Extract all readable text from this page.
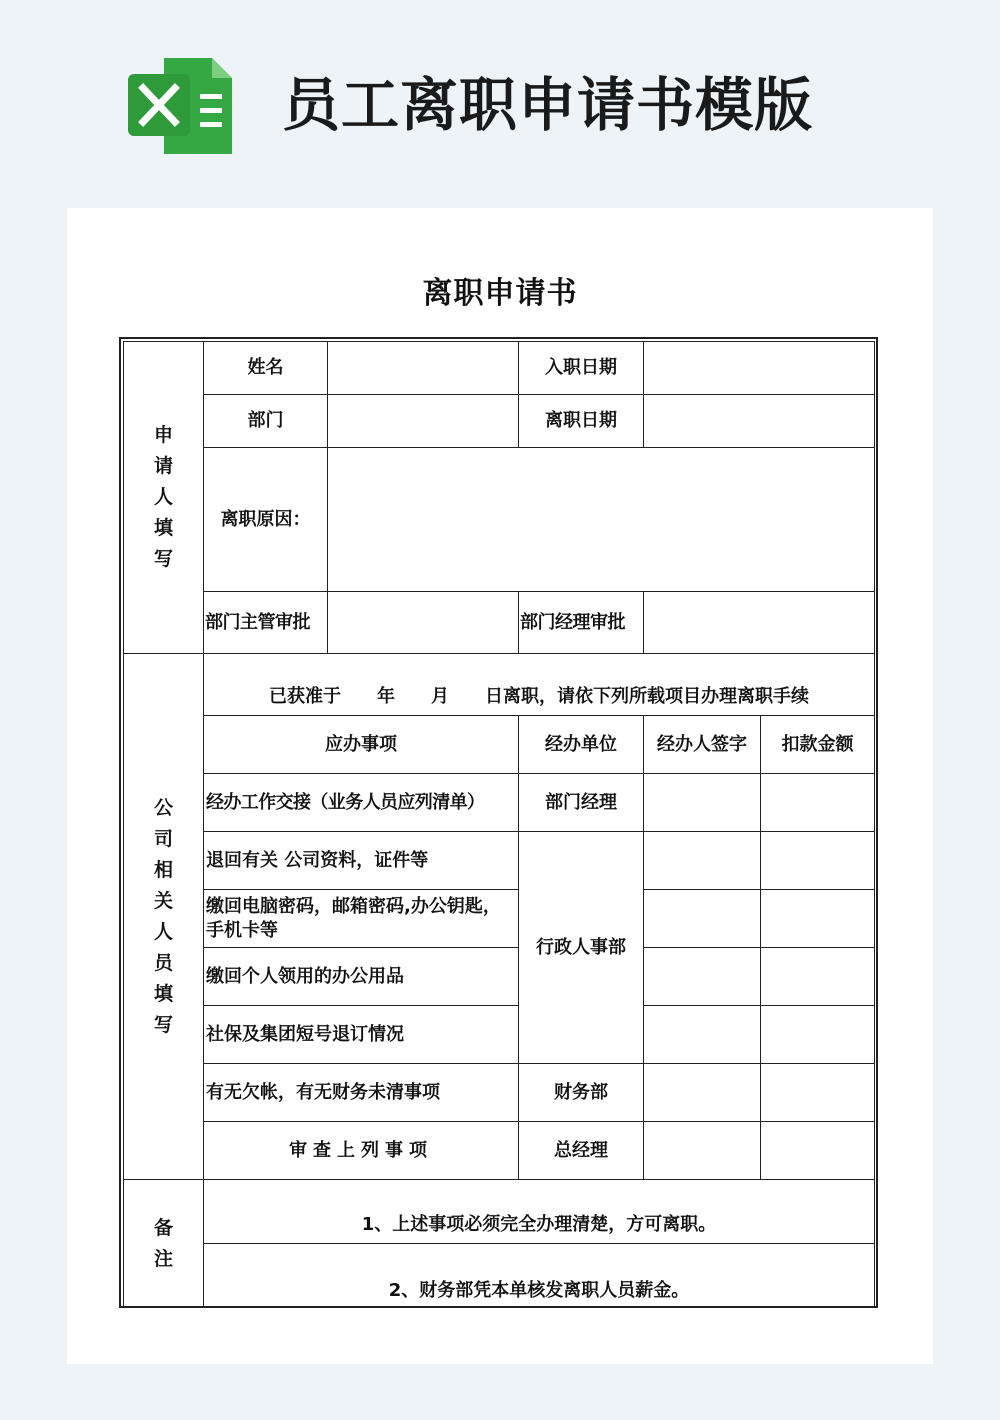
员工离职申请书模版
离职申请书
申请人填写	姓名		入职日期		
	部门		离职日期		
	离职原因：				
	部门主管审批		部门经理审批		
公司相关人员填写	已获准于　　年　　月　　日离职，请依下列所载项目办理离职手续				
	应办事项		经办单位	经办人签字	扣款金额
	经办工作交接（业务人员应列清单）		部门经理		
	退回有关 公司资料，证件等		行政人事部		
	缴回电脑密码，邮箱密码,办公钥匙，手机卡等				
	缴回个人领用的办公用品				
	社保及集团短号退订情况				
	有无欠帐，有无财务未清事项		财务部		
	审查上列事项		总经理		
备注	1、上述事项必须完全办理清楚，方可离职。				
	2、财务部凭本单核发离职人员薪金。				
